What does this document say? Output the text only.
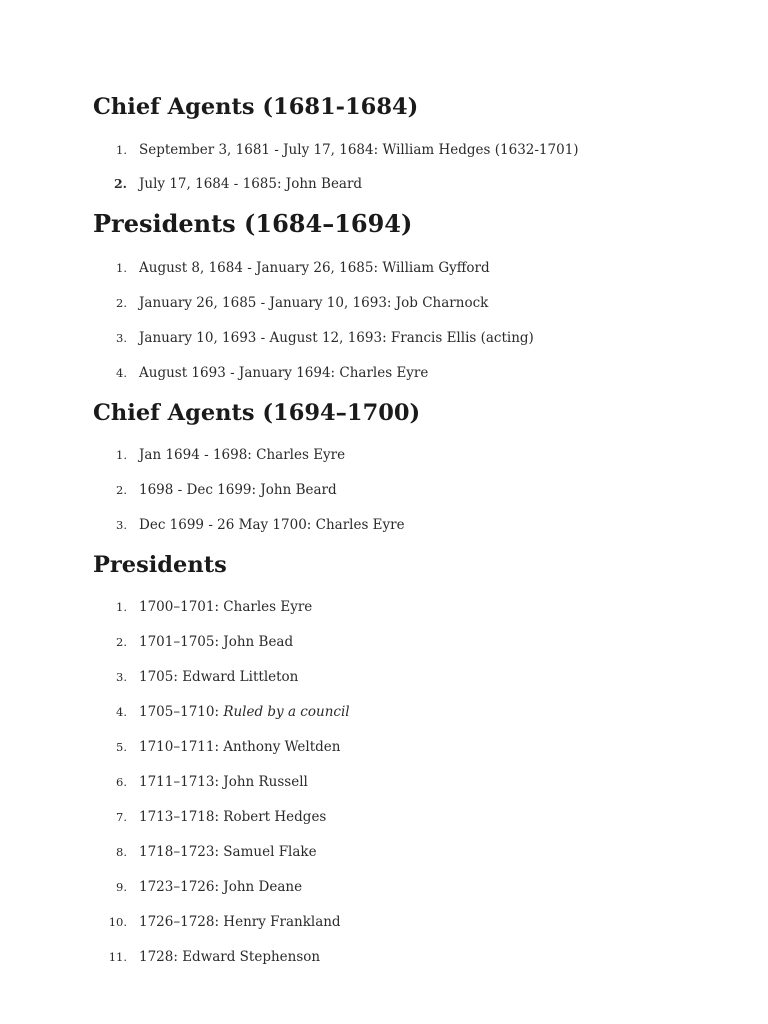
Chief Agents (1681-1684)
1. September 3, 1681 - July 17, 1684: William Hedges (1632-1701)
2. July 17, 1684 - 1685: John Beard
Presidents (1684–1694)
1. August 8, 1684 - January 26, 1685: William Gyfford
2. January 26, 1685 - January 10, 1693: Job Charnock
3. January 10, 1693 - August 12, 1693: Francis Ellis (acting)
4. August 1693 - January 1694: Charles Eyre
Chief Agents (1694–1700)
1. Jan 1694 - 1698: Charles Eyre
2. 1698 - Dec 1699: John Beard
3. Dec 1699 - 26 May 1700: Charles Eyre
Presidents
1. 1700–1701: Charles Eyre
2. 1701–1705: John Bead
3. 1705: Edward Littleton
4. 1705–1710: Ruled by a council
5. 1710–1711: Anthony Weltden
6. 1711–1713: John Russell
7. 1713–1718: Robert Hedges
8. 1718–1723: Samuel Flake
9. 1723–1726: John Deane
10. 1726–1728: Henry Frankland
11. 1728: Edward Stephenson
